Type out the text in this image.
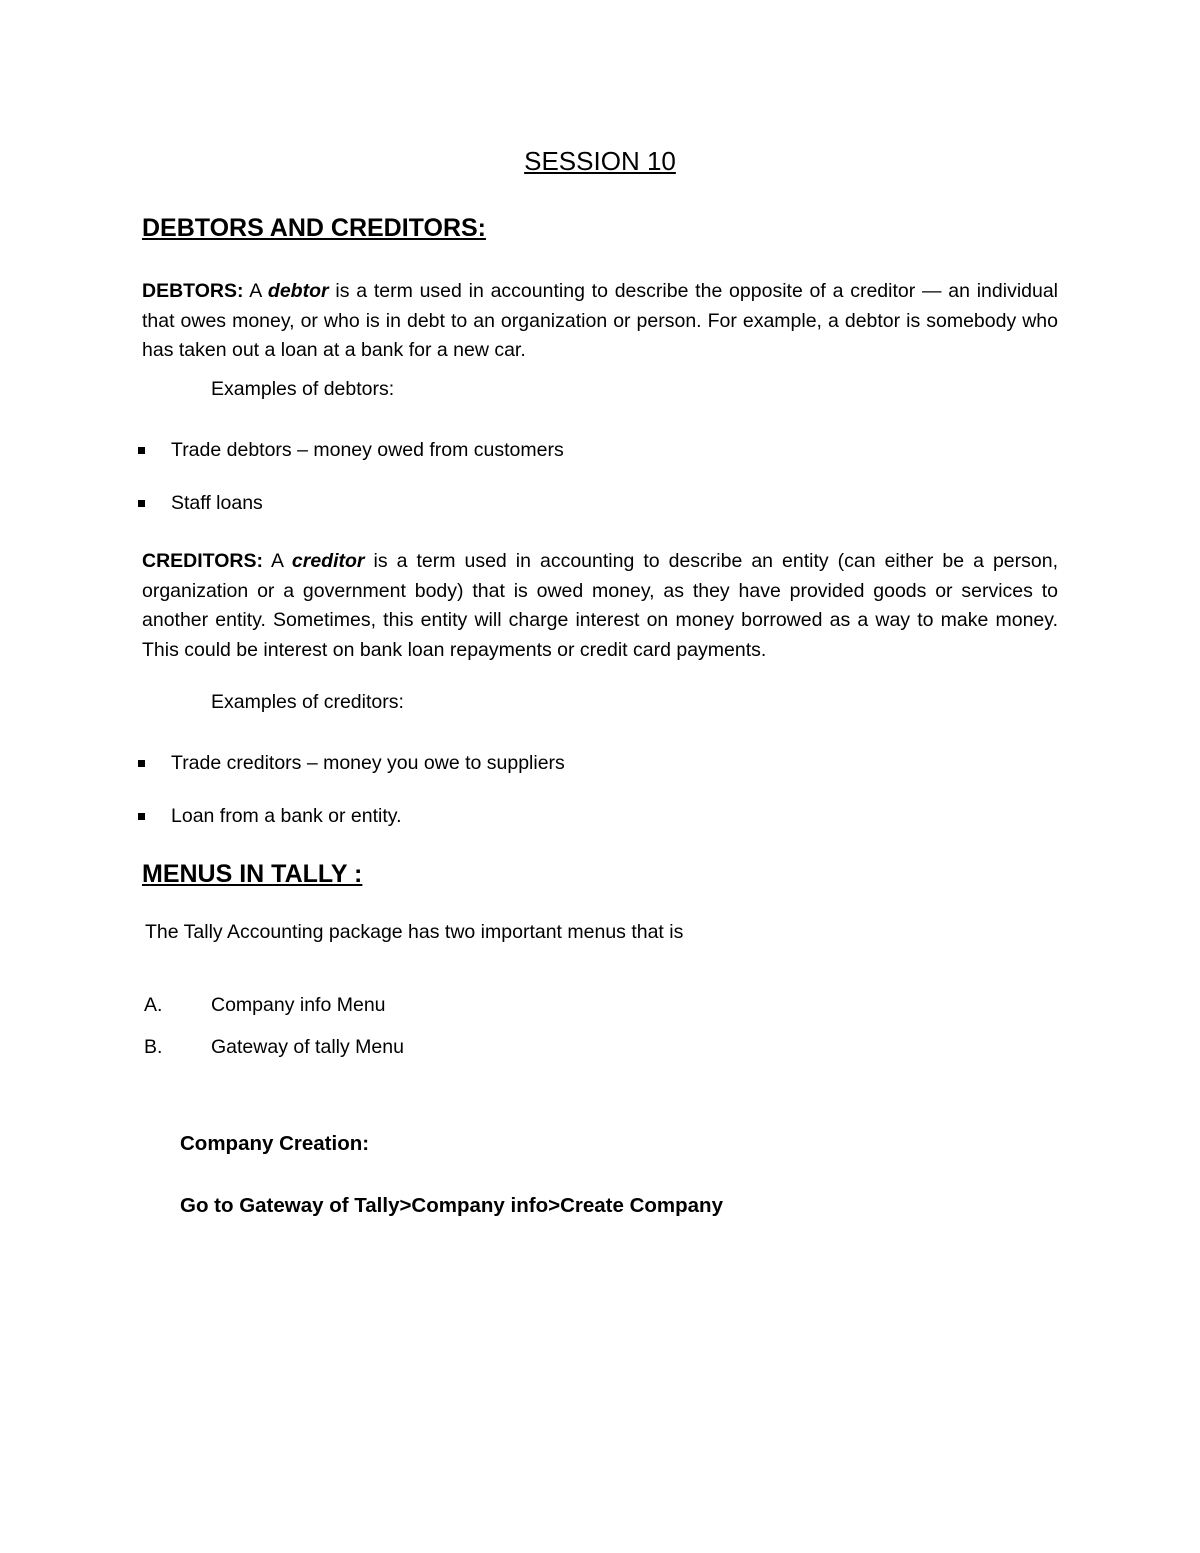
SESSION 10
DEBTORS AND CREDITORS:

DEBTORS: A debtor is a term used in accounting to describe the opposite of a creditor — an individual that owes money, or who is in debt to an organization or person. For example, a debtor is somebody who has taken out a loan at a bank for a new car.

Examples of debtors:
Trade debtors – money owed from customers
Staff loans

CREDITORS: A creditor is a term used in accounting to describe an entity (can either be a person, organization or a government body) that is owed money, as they have provided goods or services to another entity. Sometimes, this entity will charge interest on money borrowed as a way to make money. This could be interest on bank loan repayments or credit card payments.

Examples of creditors:
Trade creditors – money you owe to suppliers
Loan from a bank or entity.
MENUS IN TALLY :
The Tally Accounting package has two important menus that is
A.	Company info Menu
B.	Gateway of tally Menu
Company Creation:
Go to Gateway of Tally>Company info>Create Company
